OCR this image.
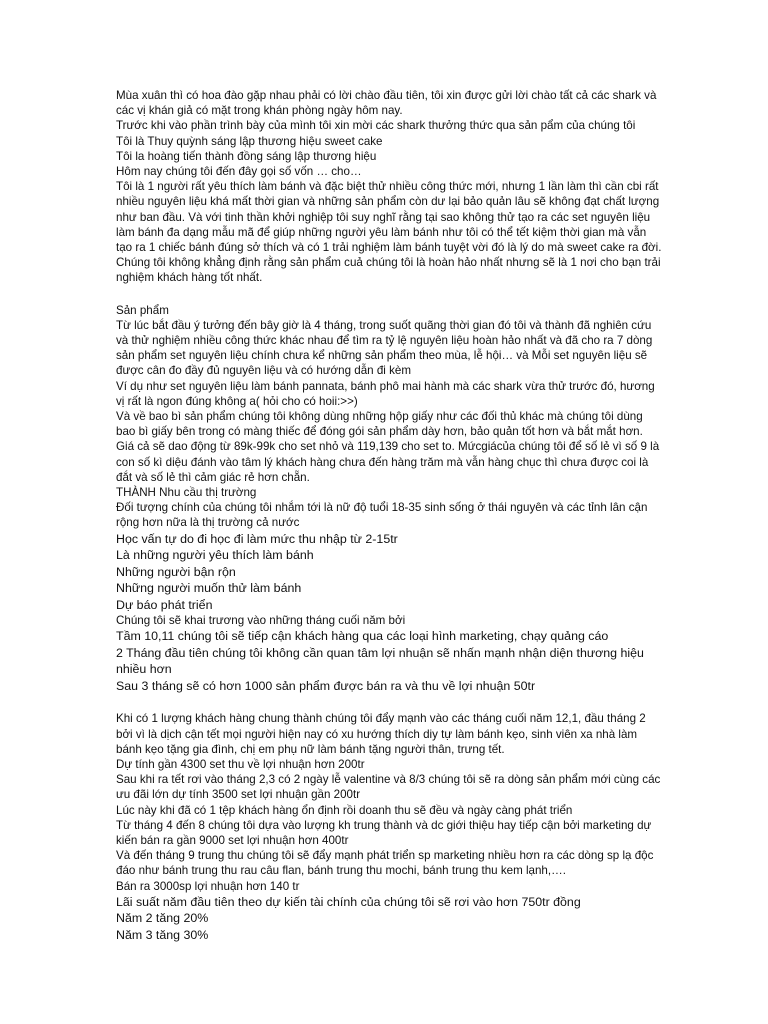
Mùa xuân thì có hoa đào gặp nhau phải có lời chào đầu tiên, tôi xin được gửi lời chào tất cả các shark và các vị khán giả có mặt trong khán phòng ngày hôm nay.

Trước khi vào phần trình bày của mình tôi xin mời các shark thưởng thức qua sản pẩm của chúng tôi

Tôi là Thuy quỳnh sáng lập thương hiệu sweet cake

Tôi la hoàng tiến thành đồng sáng lập thương hiệu

Hôm nay chúng tôi đến đây gọi số vốn … cho…

Tôi là 1 người rất yêu thích làm bánh và đặc biệt thử nhiều công thức mới, nhưng 1 lần làm thì cần cbi rất nhiều nguyên liệu khá mất thời gian và những sản phẩm còn dư lại bảo quản lâu sẽ không đạt chất lượng như ban đầu. Và với tinh thần khởi nghiệp tôi suy nghĩ rằng tại sao không thử tạo ra các set nguyên liệu làm bánh đa dạng mẫu mã để giúp những người yêu làm bánh như tôi có thể tết kiệm thời gian mà vẫn tạo ra 1 chiếc bánh đúng sở thích và có 1 trải nghiệm làm bánh tuyệt vời đó là lý do mà sweet cake ra đời. Chúng tôi không khẳng định rằng sản phẩm cuả chúng tôi là hoàn hảo nhất nhưng sẽ là 1 nơi cho bạn trải nghiệm khách hàng tốt nhất.

Sản phẩm

Từ lúc bắt đầu ý tưởng đến bây giờ là 4 tháng, trong suốt quãng thời gian đó tôi và thành đã nghiên cứu và thử nghiệm nhiều công thức khác nhau để tìm ra tỷ lệ nguyên liệu hoàn hảo nhất và đã cho ra 7 dòng sản phẩm set nguyên liệu chính chưa kể những sản phẩm theo mùa, lễ hội… và Mỗi set nguyên liệu sẽ được cân đo đầy đủ nguyên liệu và có hướng dẫn đi kèm

Ví dụ như set nguyên liệu làm bánh pannata, bánh phô mai hành mà các shark vừa thử trước đó, hương vị rất là ngon đúng không a( hỏi cho có hoii:>>)

Và về bao bì sản phẩm chúng tôi không dùng những hộp giấy như các đối thủ khác mà chúng tôi dùng bao bì giấy bên trong có màng thiếc để đóng gói sản phẩm dày hơn, bảo quản tốt hơn và bắt mắt hơn. Giá cả sẽ dao động từ 89k-99k cho set nhỏ và 119,139 cho set to. Mứcgiácủa chúng tôi để số lẻ vì số 9 là con số kì diệu đánh vào tâm lý khách hàng chưa đến hàng trăm mà vẫn hàng chục thì chưa được coi là đắt và số lẻ thì cảm giác rẻ hơn chẵn.

THÀNH Nhu cầu thị trường

Đối tượng chính của chúng tôi nhắm tới là nữ độ tuổi 18-35 sinh sống ở thái nguyên và các tỉnh lân cận rộng hơn nữa là thị trường cả nước

Học vấn tự do đi học đi làm mức thu nhập từ 2-15tr

Là những người yêu thích làm bánh

Những người bận rộn

Những người muốn thử làm bánh

Dự báo phát triển

Chúng tôi sẽ khai trương vào những tháng cuối năm bởi

Tầm 10,11 chúng tôi sẽ tiếp cận khách hàng qua các loại hình marketing, chạy quảng cáo

2 Tháng đầu tiên chúng tôi không cần quan tâm lợi nhuận sẽ nhấn mạnh nhận diện thương hiệu nhiều hơn

Sau 3 tháng sẽ có hơn 1000 sản phẩm được bán ra và thu về lợi nhuận 50tr

Khi có 1 lượng khách hàng chung thành chúng tôi đẩy mạnh vào các tháng cuối năm 12,1, đầu tháng 2 bởi vì là dịch cận tết mọi người hiện nay có xu hướng thích diy tự làm bánh kẹo, sinh viên xa nhà làm bánh kẹo tặng gia đình, chị em phụ nữ làm bánh tặng người thân, trưng tết.

Dự tính gần 4300 set thu về lợi nhuận hơn 200tr

Sau khi ra tết rơi vào tháng 2,3 có 2 ngày lễ valentine và 8/3 chúng tôi sẽ ra dòng sản phẩm mới cùng các ưu đãi lớn dự tính 3500 set lợi nhuận gần 200tr

Lúc này khi đã có 1 tệp khách hàng ổn định rồi doanh thu sẽ đều và ngày càng phát triển

Từ tháng 4 đến 8 chúng tôi dựa vào lượng kh trung thành và dc giới thiệu hay tiếp cận bởi marketing dự kiến bán ra gần 9000 set lợi nhuận hơn 400tr

Và đến tháng 9 trung thu chúng tôi sẽ đẩy mạnh phát triển sp marketing nhiều hơn ra các dòng sp lạ độc đáo như bánh trung thu rau câu flan, bánh trung thu mochi, bánh trung thu kem lạnh,….

Bán ra 3000sp lợi nhuận hơn 140 tr

Lãi suất năm đầu tiên theo dự kiến tài chính của chúng tôi sẽ rơi vào hơn 750tr đồng

Năm 2 tăng 20%

Năm 3 tăng 30%
